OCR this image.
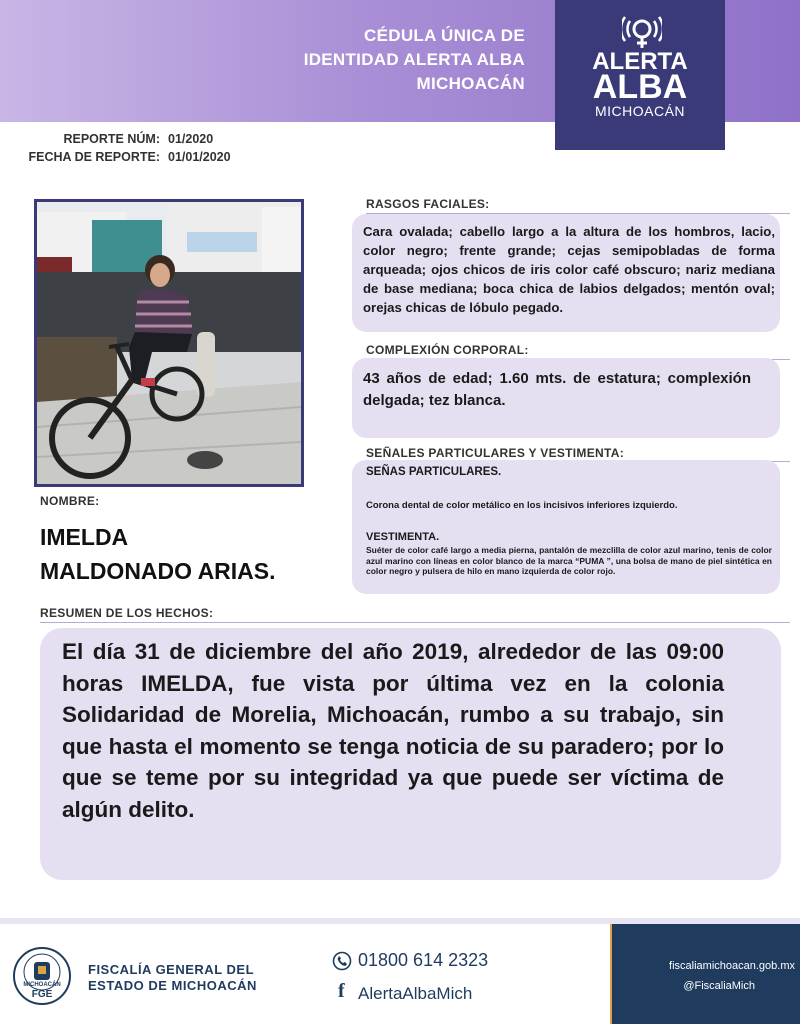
CÉDULA ÚNICA DE
IDENTIDAD ALERTA ALBA
MICHOACÁN
ALERTA
ALBA
MICHOACÁN
REPORTE NÚM: 01/2020
FECHA DE REPORTE: 01/01/2020
RASGOS FACIALES:
Cara ovalada; cabello largo a la altura de los hombros, lacio, color negro; frente grande; cejas semipobladas de forma arqueada; ojos chicos de iris color café obscuro; nariz mediana de base mediana; boca chica de labios delgados; mentón oval; orejas chicas de lóbulo pegado.
COMPLEXIÓN CORPORAL:
43 años de edad; 1.60 mts. de estatura; complexión delgada; tez blanca.
SEÑALES PARTICULARES Y VESTIMENTA:
SEÑAS PARTICULARES.
Corona dental de color metálico en los incisivos inferiores izquierdo.
VESTIMENTA.
Suéter de color café largo a media pierna, pantalón de mezclilla de color azul marino, tenis de color azul marino con líneas en color blanco de la marca “PUMA ”, una bolsa de mano de piel sintética en color negro y pulsera de hilo en mano izquierda de color rojo.
NOMBRE:
IMELDA
MALDONADO ARIAS.
RESUMEN DE LOS HECHOS:
El día 31 de diciembre del año 2019, alrededor de las 09:00 horas IMELDA, fue vista por última vez en la colonia Solidaridad de Morelia, Michoacán, rumbo a su trabajo, sin que hasta el momento se tenga noticia de su paradero; por lo que se teme por su integridad ya que puede ser víctima de algún delito.
MICHOACÁN
FGE
FISCALÍA GENERAL DEL
ESTADO DE MICHOACÁN
01800 614 2323
f AlertaAlbaMich
fiscaliamichoacan.gob.mx
@FiscaliaMich
